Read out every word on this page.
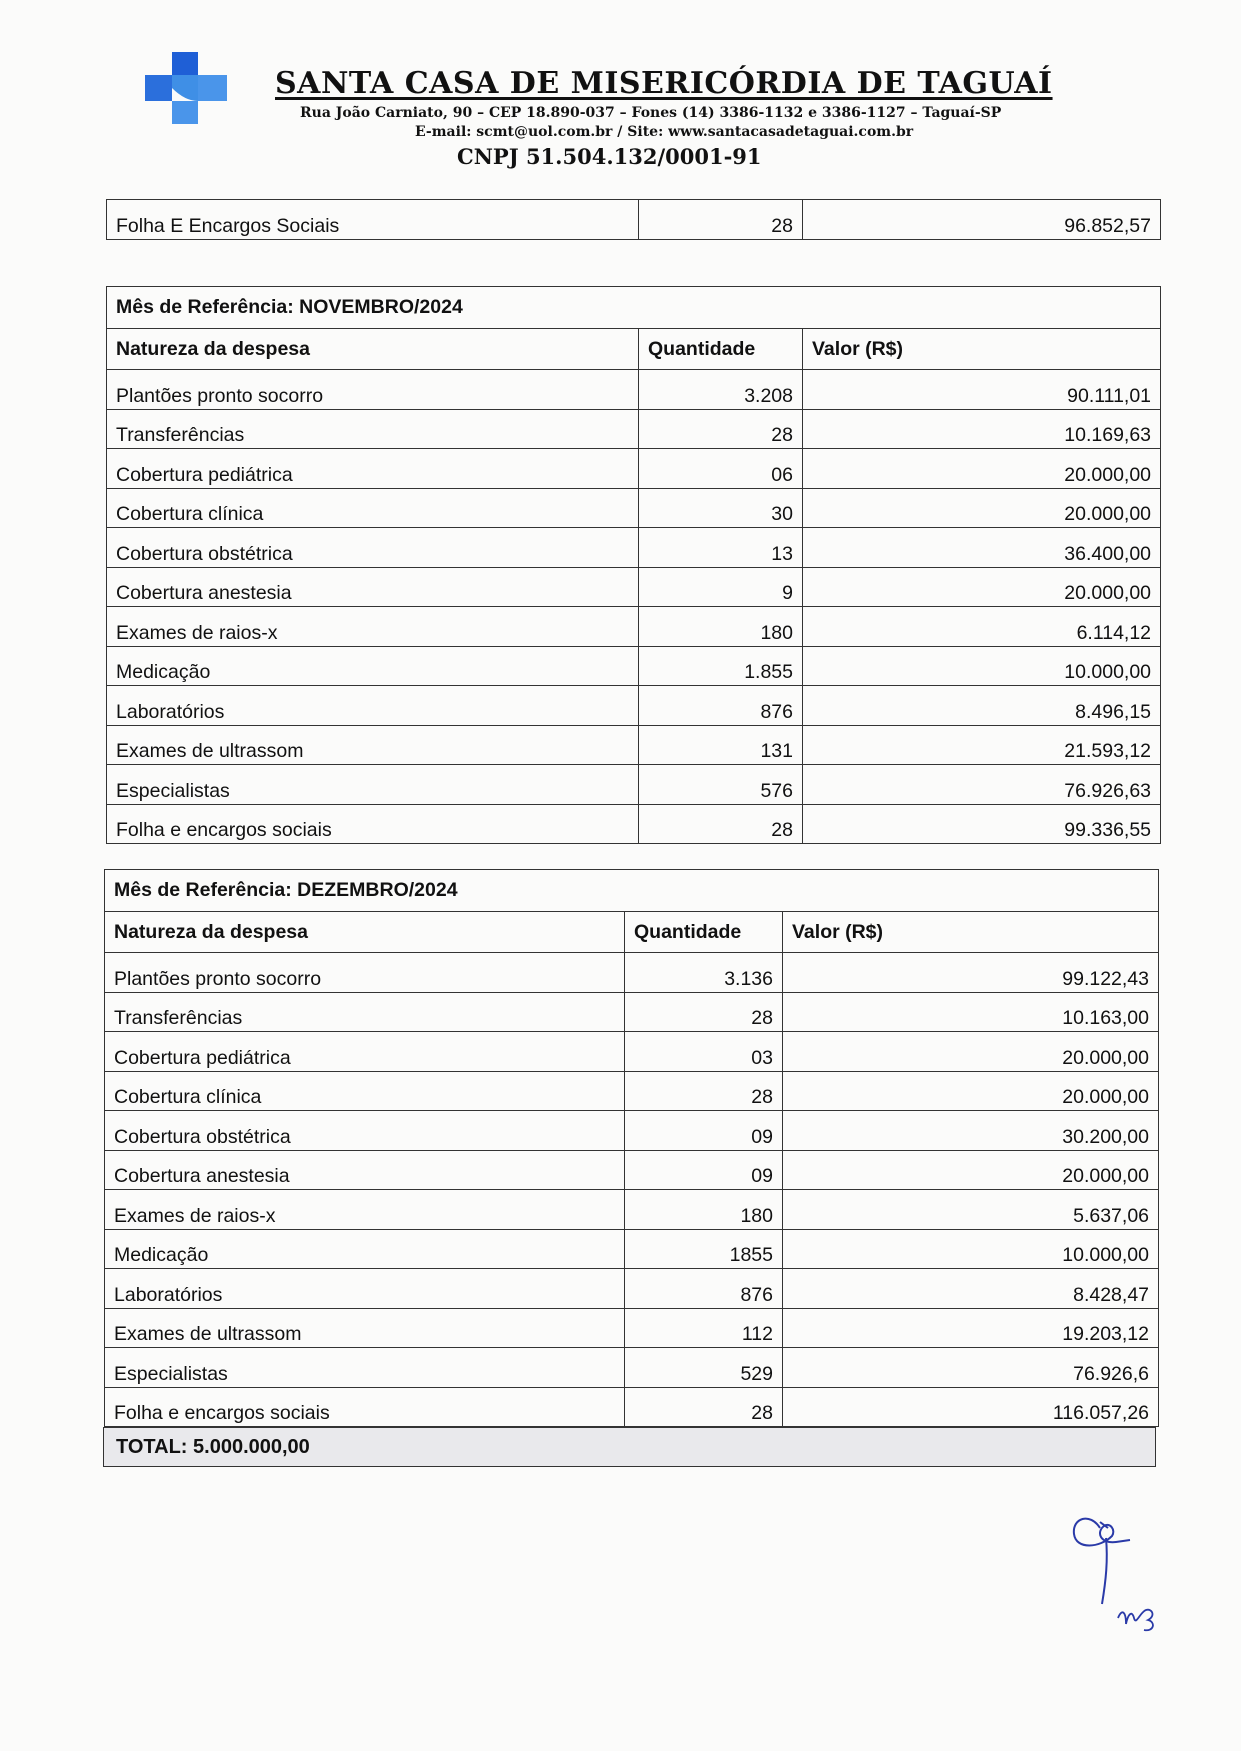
SANTA CASA DE MISERICÓRDIA DE TAGUAÍ
Rua João Carniato, 90 – CEP 18.890-037 – Fones (14) 3386-1132 e 3386-1127 – Taguaí-SP
E-mail: scmt@uol.com.br / Site: www.santacasadetaguai.com.br
CNPJ 51.504.132/0001-91
Folha E Encargos Sociais	28	96.852,57
Mês de Referência: NOVEMBRO/2024		
Natureza da despesa	Quantidade	Valor (R$)
Plantões pronto socorro	3.208	90.111,01
Transferências	28	10.169,63
Cobertura pediátrica	06	20.000,00
Cobertura clínica	30	20.000,00
Cobertura obstétrica	13	36.400,00
Cobertura anestesia	9	20.000,00
Exames de raios-x	180	6.114,12
Medicação	1.855	10.000,00
Laboratórios	876	8.496,15
Exames de ultrassom	131	21.593,12
Especialistas	576	76.926,63
Folha e encargos sociais	28	99.336,55
Mês de Referência: DEZEMBRO/2024		
Natureza da despesa	Quantidade	Valor (R$)
Plantões pronto socorro	3.136	99.122,43
Transferências	28	10.163,00
Cobertura pediátrica	03	20.000,00
Cobertura clínica	28	20.000,00
Cobertura obstétrica	09	30.200,00
Cobertura anestesia	09	20.000,00
Exames de raios-x	180	5.637,06
Medicação	1855	10.000,00
Laboratórios	876	8.428,47
Exames de ultrassom	112	19.203,12
Especialistas	529	76.926,6
Folha e encargos sociais	28	116.057,26
TOTAL: 5.000.000,00
